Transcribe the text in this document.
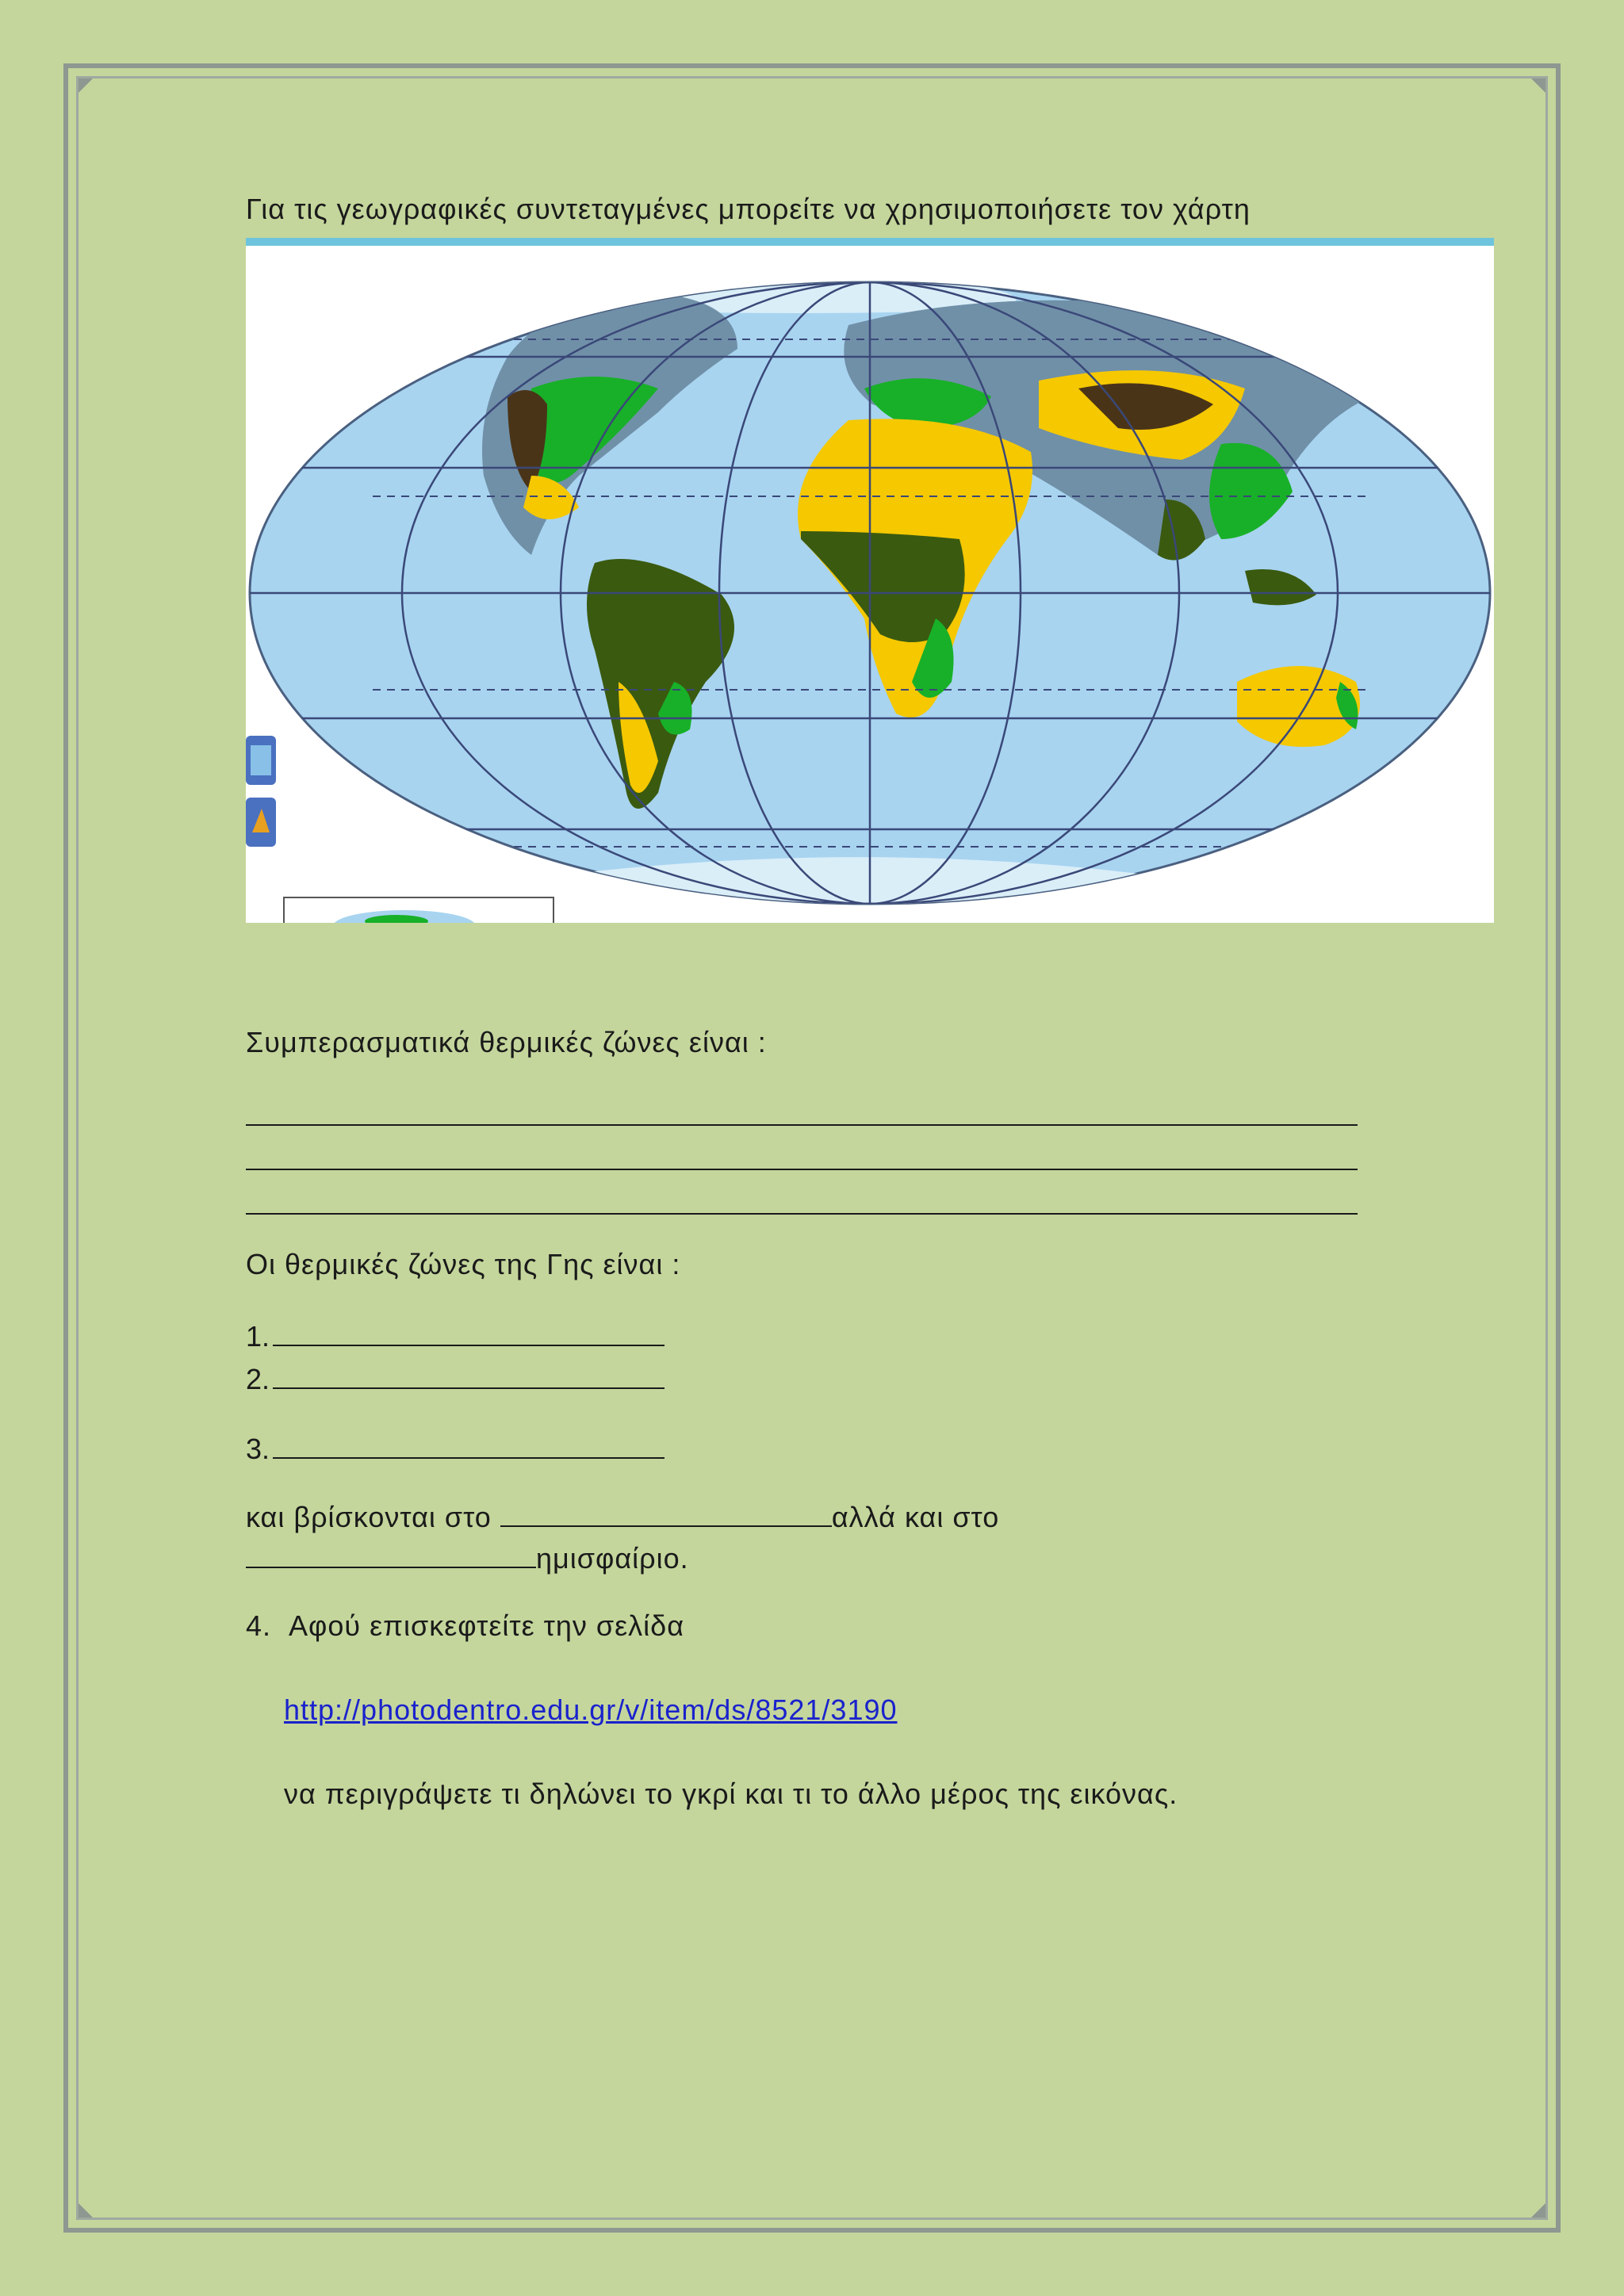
Για τις γεωγραφικές συντεταγμένες μπορείτε να χρησιμοποιήσετε τον χάρτη
Συμπερασματικά θερμικές ζώνες είναι :
Οι θερμικές ζώνες της Γης είναι :
1.
2.
3.
και βρίσκονται στο	αλλά και στο
ημισφαίριο.
4. Αφού επισκεφτείτε την σελίδα
http://photodentro.edu.gr/v/item/ds/8521/3190
να περιγράψετε τι δηλώνει το γκρί και τι το άλλο μέρος της εικόνας.
